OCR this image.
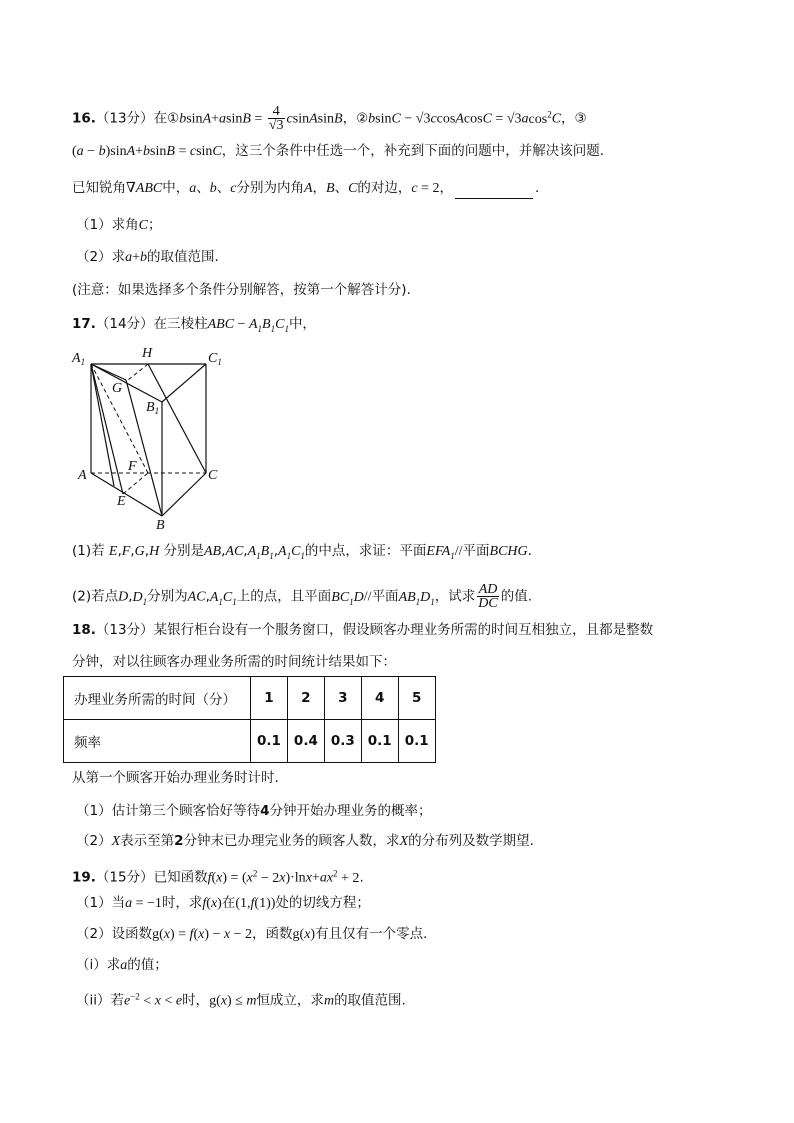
16.（13分）在①bsinA+asinB = $\frac{4}{√3}$ csinAsinB，②bsinC − √3ccosAcosC = √3acos$^2$C，③
(a − b)sinA+bsinB = csinC，这三个条件中任选一个，补充到下面的问题中，并解决该问题.
已知锐角∇ABC中，a、b、c分别为内角A，B、C的对边，c = 2，	.
（1）求角C；
（2）求a+b的取值范围.
(注意：如果选择多个条件分别解答，按第一个解答计分).
17.（14分）在三棱柱ABC − $A_1B_1C_1$中，
$A_1$
H	$C_1$
G
$B_1$
A
F
C
E
B
(1)若 E,F,G,H 分别是$AB,AC,A_1B_1,A_1C_1$的中点，求证：平面$EFA_1//$平面BCHG.
(2)若点$D,D_1$分别为$AC,A_1C_1$上的点，且平面$BC_1D//$平面$AB_1D_1$，试求 $\frac{AD}{DC}$ 的值.
18.（13分）某银行柜台设有一个服务窗口，假设顾客办理业务所需的时间互相独立，且都是整数
分钟，对以往顾客办理业务所需的时间统计结果如下：
办理业务所需的时间（分）	1	2	3	4	5
频率	0.1	0.4	0.3	0.1	0.1
从第一个顾客开始办理业务时计时.
（1）估计第三个顾客恰好等待4分钟开始办理业务的概率；
（2）X表示至第2分钟末已办理完业务的顾客人数，求X的分布列及数学期望.
19.（15分）已知函数$f(x) = (x^2 - 2x)\cdot\ln x+ax^2 + 2$.
（1）当a = −1时，求f(x)在(1,f(1))处的切线方程；
（2）设函数g(x) = f(x) − x − 2，函数g(x)有且仅有一个零点.
（i）求a的值；
（ii）若$e^{-2} < x < e$时，g(x) ≤ m恒成立，求m的取值范围.
